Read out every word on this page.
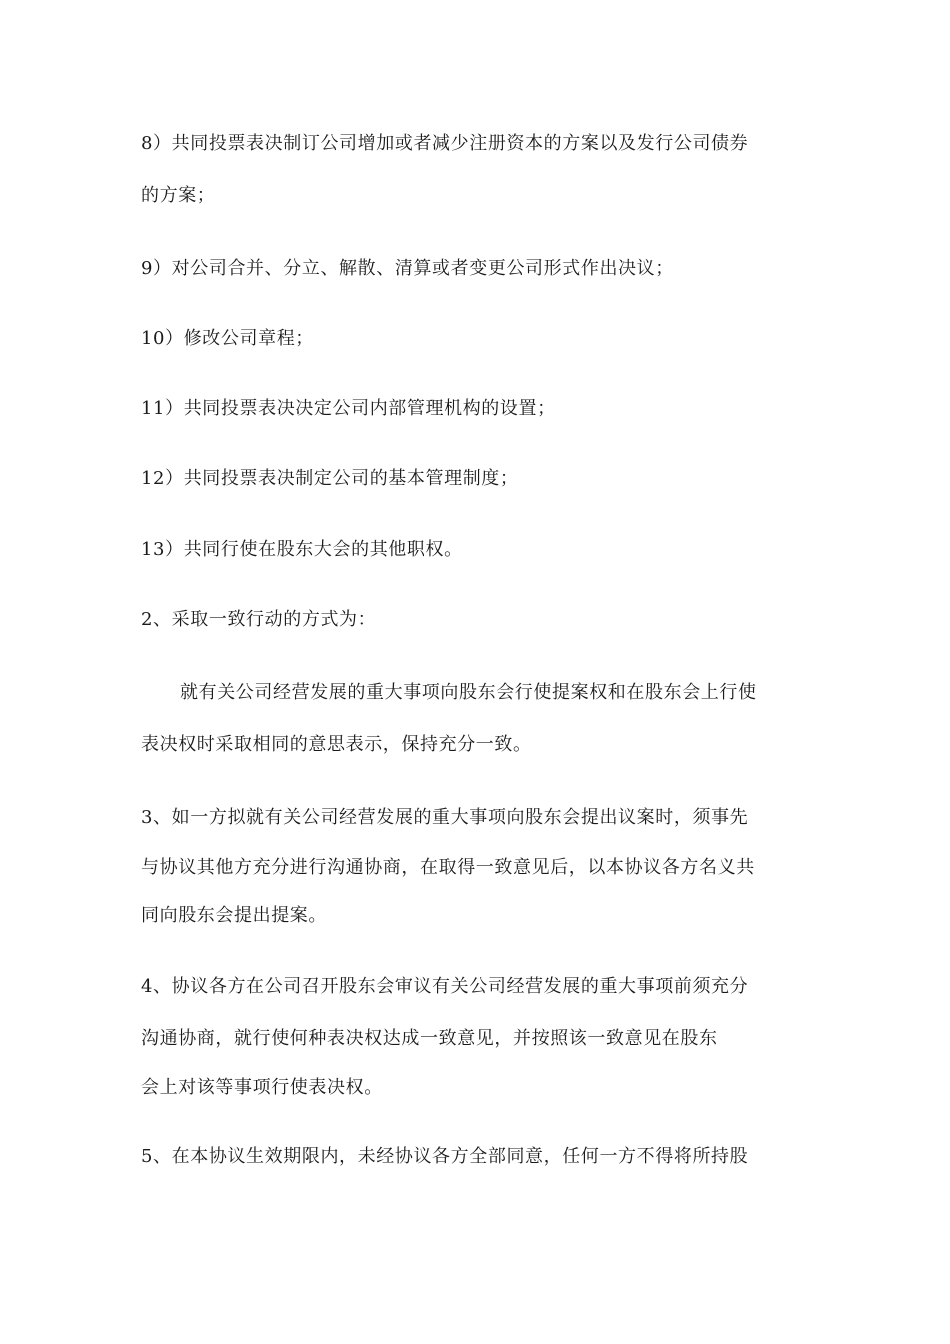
8）共同投票表决制订公司增加或者减少注册资本的方案以及发行公司债券
的方案；
9）对公司合并、分立、解散、清算或者变更公司形式作出决议；
10）修改公司章程；
11）共同投票表决决定公司内部管理机构的设置；
12）共同投票表决制定公司的基本管理制度；
13）共同行使在股东大会的其他职权。
2、采取一致行动的方式为：
就有关公司经营发展的重大事项向股东会行使提案权和在股东会上行使
表决权时采取相同的意思表示，保持充分一致。
3、如一方拟就有关公司经营发展的重大事项向股东会提出议案时，须事先
与协议其他方充分进行沟通协商，在取得一致意见后，以本协议各方名义共
同向股东会提出提案。
4、协议各方在公司召开股东会审议有关公司经营发展的重大事项前须充分
沟通协商，就行使何种表决权达成一致意见，并按照该一致意见在股东
会上对该等事项行使表决权。
5、在本协议生效期限内，未经协议各方全部同意，任何一方不得将所持股
